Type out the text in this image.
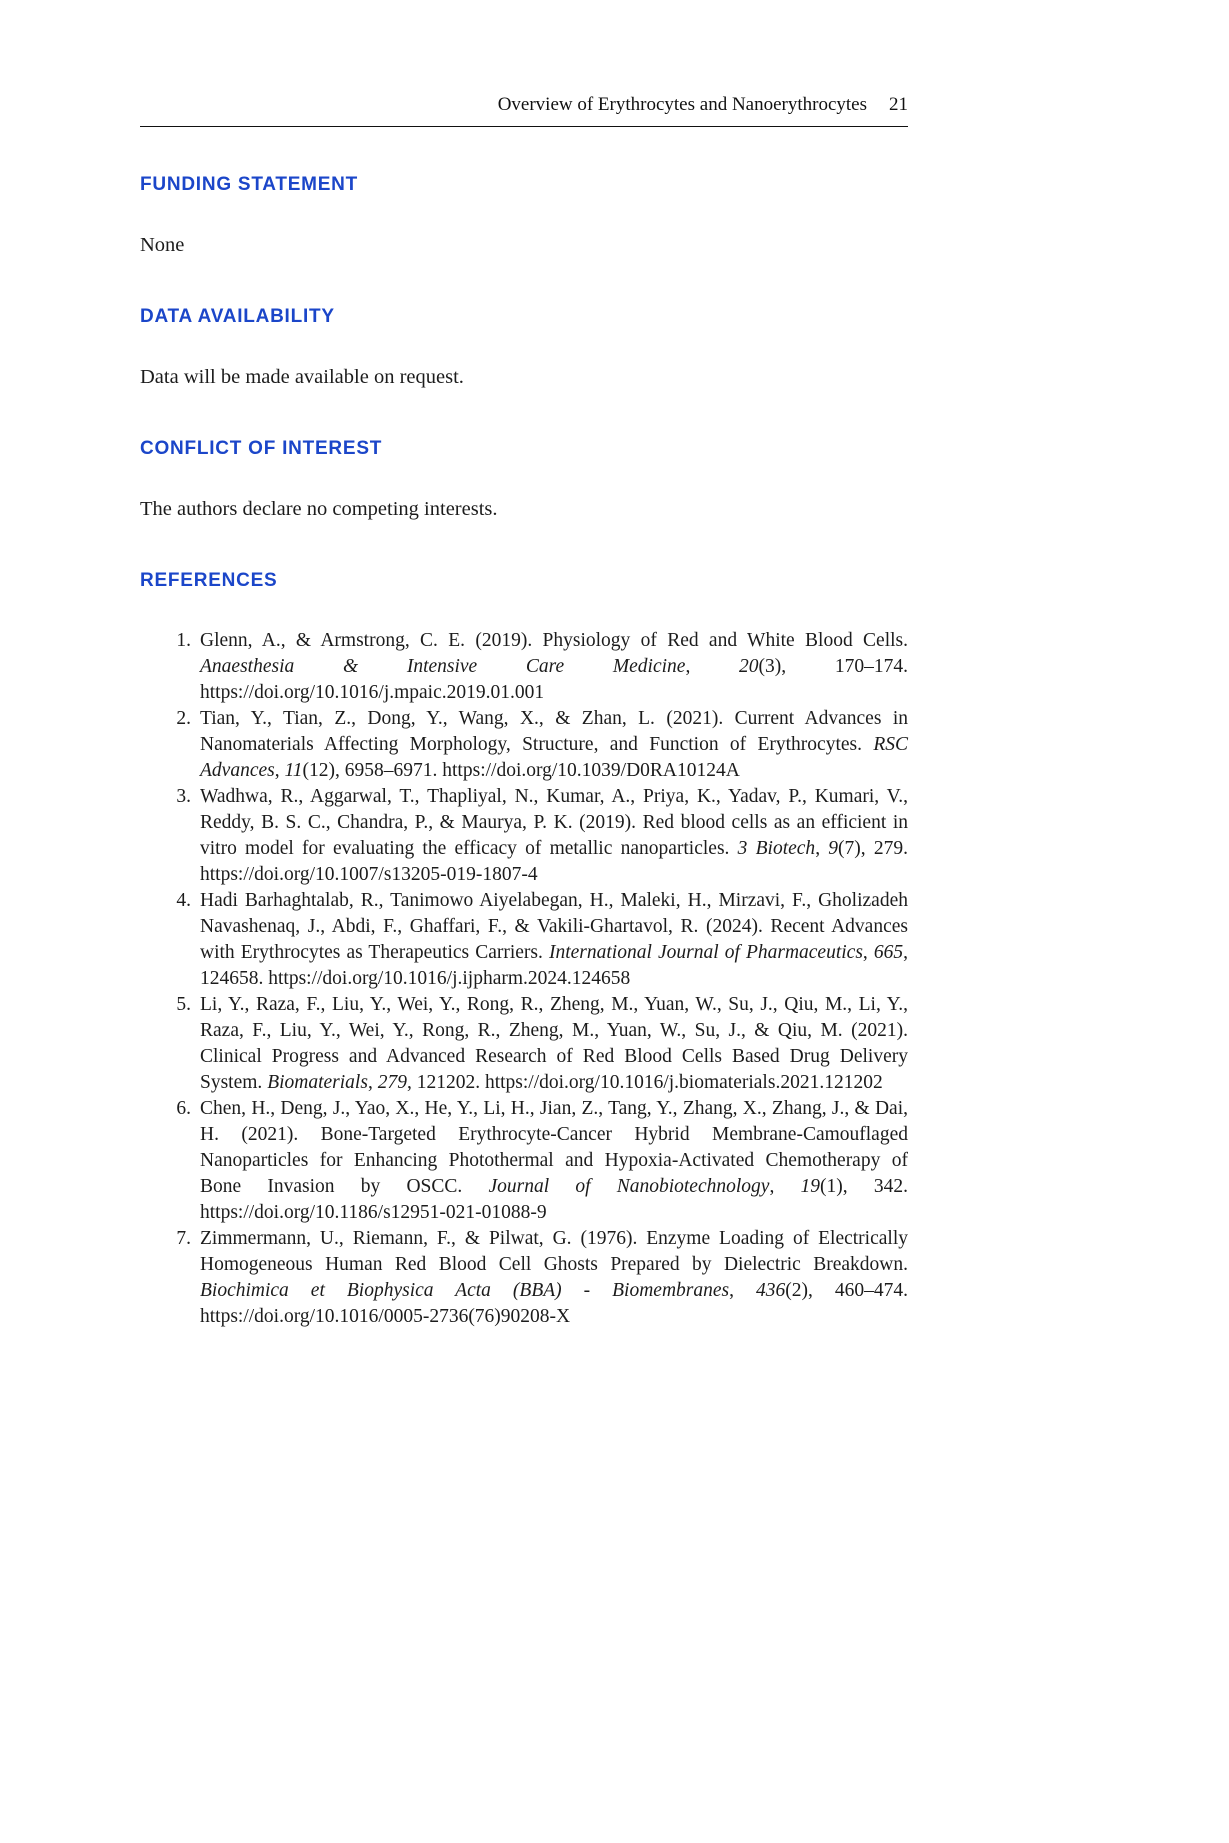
Overview of Erythrocytes and Nanoerythrocytes 21
FUNDING STATEMENT

None

DATA AVAILABILITY

Data will be made available on request.

CONFLICT OF INTEREST

The authors declare no competing interests.

REFERENCES
1. Glenn, A., & Armstrong, C. E. (2019). Physiology of Red and White Blood Cells. Anaesthesia & Intensive Care Medicine, 20(3), 170–174. https://doi.org/10.1016/j.mpaic.2019.01.001
2. Tian, Y., Tian, Z., Dong, Y., Wang, X., & Zhan, L. (2021). Current Advances in Nanomaterials Affecting Morphology, Structure, and Function of Erythrocytes. RSC Advances, 11(12), 6958–6971. https://doi.org/10.1039/D0RA10124A
3. Wadhwa, R., Aggarwal, T., Thapliyal, N., Kumar, A., Priya, K., Yadav, P., Kumari, V., Reddy, B. S. C., Chandra, P., & Maurya, P. K. (2019). Red blood cells as an efficient in vitro model for evaluating the efficacy of metallic nanoparticles. 3 Biotech, 9(7), 279. https://doi.org/10.1007/s13205-019-1807-4
4. Hadi Barhaghtalab, R., Tanimowo Aiyelabegan, H., Maleki, H., Mirzavi, F., Gholizadeh Navashenaq, J., Abdi, F., Ghaffari, F., & Vakili-Ghartavol, R. (2024). Recent Advances with Erythrocytes as Therapeutics Carriers. International Journal of Pharmaceutics, 665, 124658. https://doi.org/10.1016/j.ijpharm.2024.124658
5. Li, Y., Raza, F., Liu, Y., Wei, Y., Rong, R., Zheng, M., Yuan, W., Su, J., Qiu, M., Li, Y., Raza, F., Liu, Y., Wei, Y., Rong, R., Zheng, M., Yuan, W., Su, J., & Qiu, M. (2021). Clinical Progress and Advanced Research of Red Blood Cells Based Drug Delivery System. Biomaterials, 279, 121202. https://doi.org/10.1016/j.biomaterials.2021.121202
6. Chen, H., Deng, J., Yao, X., He, Y., Li, H., Jian, Z., Tang, Y., Zhang, X., Zhang, J., & Dai, H. (2021). Bone-Targeted Erythrocyte-Cancer Hybrid Membrane-Camouflaged Nanoparticles for Enhancing Photothermal and Hypoxia-Activated Chemotherapy of Bone Invasion by OSCC. Journal of Nanobiotechnology, 19(1), 342. https://doi.org/10.1186/s12951-021-01088-9
7. Zimmermann, U., Riemann, F., & Pilwat, G. (1976). Enzyme Loading of Electrically Homogeneous Human Red Blood Cell Ghosts Prepared by Dielectric Breakdown. Biochimica et Biophysica Acta (BBA) - Biomembranes, 436(2), 460–474. https://doi.org/10.1016/0005-2736(76)90208-X
